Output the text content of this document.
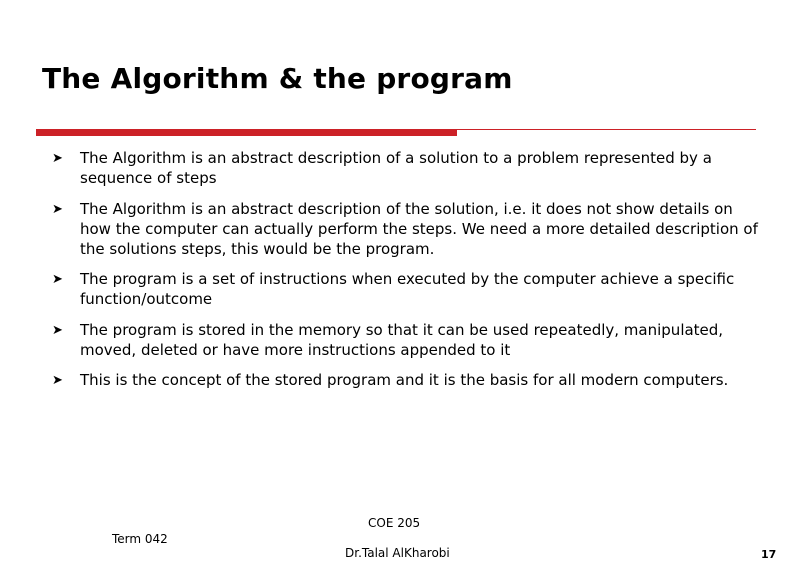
The Algorithm & the program
➤ The Algorithm is an abstract description of a solution to a problem represented by a sequence of steps
➤ The Algorithm is an abstract description of the solution, i.e. it does not show details on how the computer can actually perform the steps. We need a more detailed description of the solutions steps, this would be the program.
➤ The program is a set of instructions when executed by the computer achieve a specific function/outcome
➤ The program is stored in the memory so that it can be used repeatedly, manipulated, moved, deleted or have more instructions appended to it
➤ This is the concept of the stored program and it is the basis for all modern computers.
Term 042
COE 205
Dr.Talal AlKharobi	17
